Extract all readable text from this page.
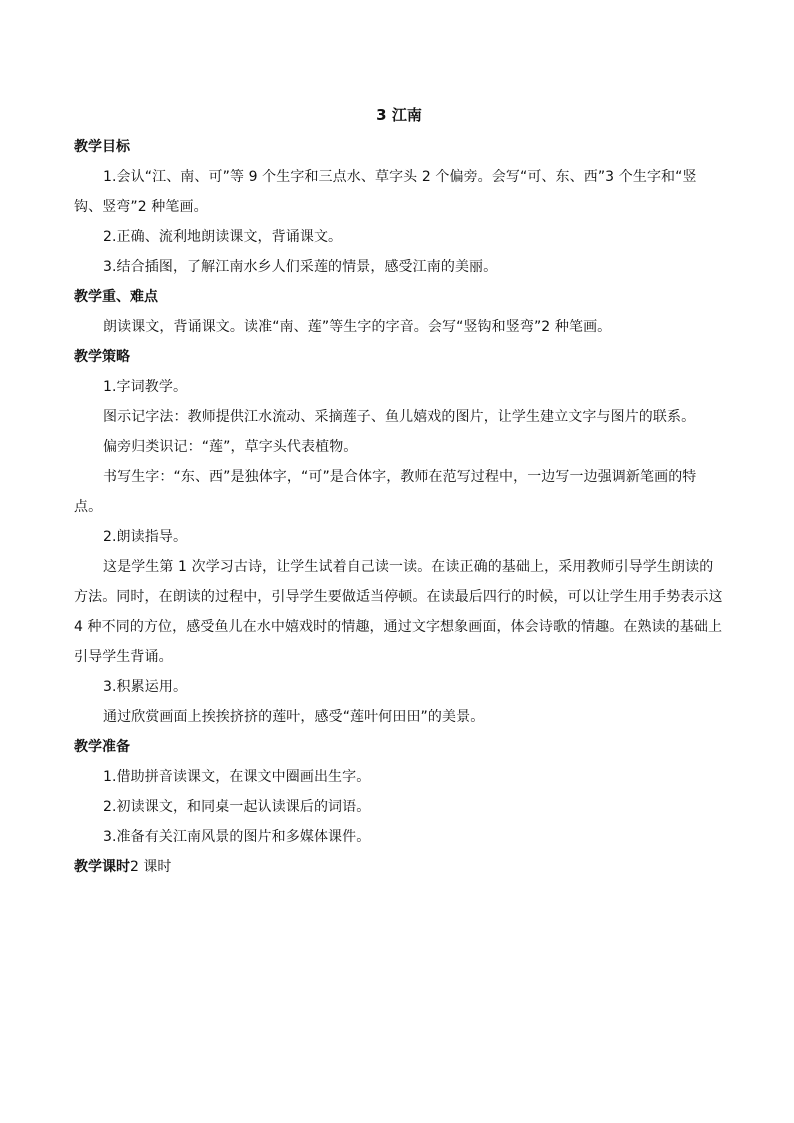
3 江南
教学目标

1.会认“江、南、可”等 9 个生字和三点水、草字头 2 个偏旁。会写“可、东、西”3 个生字和“竖钩、竖弯”2 种笔画。

2.正确、流利地朗读课文，背诵课文。

3.结合插图，了解江南水乡人们采莲的情景，感受江南的美丽。

教学重、难点

朗读课文，背诵课文。读准“南、莲”等生字的字音。会写“竖钩和竖弯”2 种笔画。

教学策略

1.字词教学。

图示记字法：教师提供江水流动、采摘莲子、鱼儿嬉戏的图片，让学生建立文字与图片的联系。

偏旁归类识记：“莲”，草字头代表植物。

书写生字：“东、西”是独体字，“可”是合体字，教师在范写过程中，一边写一边强调新笔画的特点。

2.朗读指导。

这是学生第 1 次学习古诗，让学生试着自己读一读。在读正确的基础上，采用教师引导学生朗读的方法。同时，在朗读的过程中，引导学生要做适当停顿。在读最后四行的时候，可以让学生用手势表示这 4 种不同的方位，感受鱼儿在水中嬉戏时的情趣，通过文字想象画面，体会诗歌的情趣。在熟读的基础上引导学生背诵。

3.积累运用。

通过欣赏画面上挨挨挤挤的莲叶，感受“莲叶何田田”的美景。

教学准备

1.借助拼音读课文，在课文中圈画出生字。

2.初读课文，和同桌一起认读课后的词语。

3.准备有关江南风景的图片和多媒体课件。

教学课时2 课时
